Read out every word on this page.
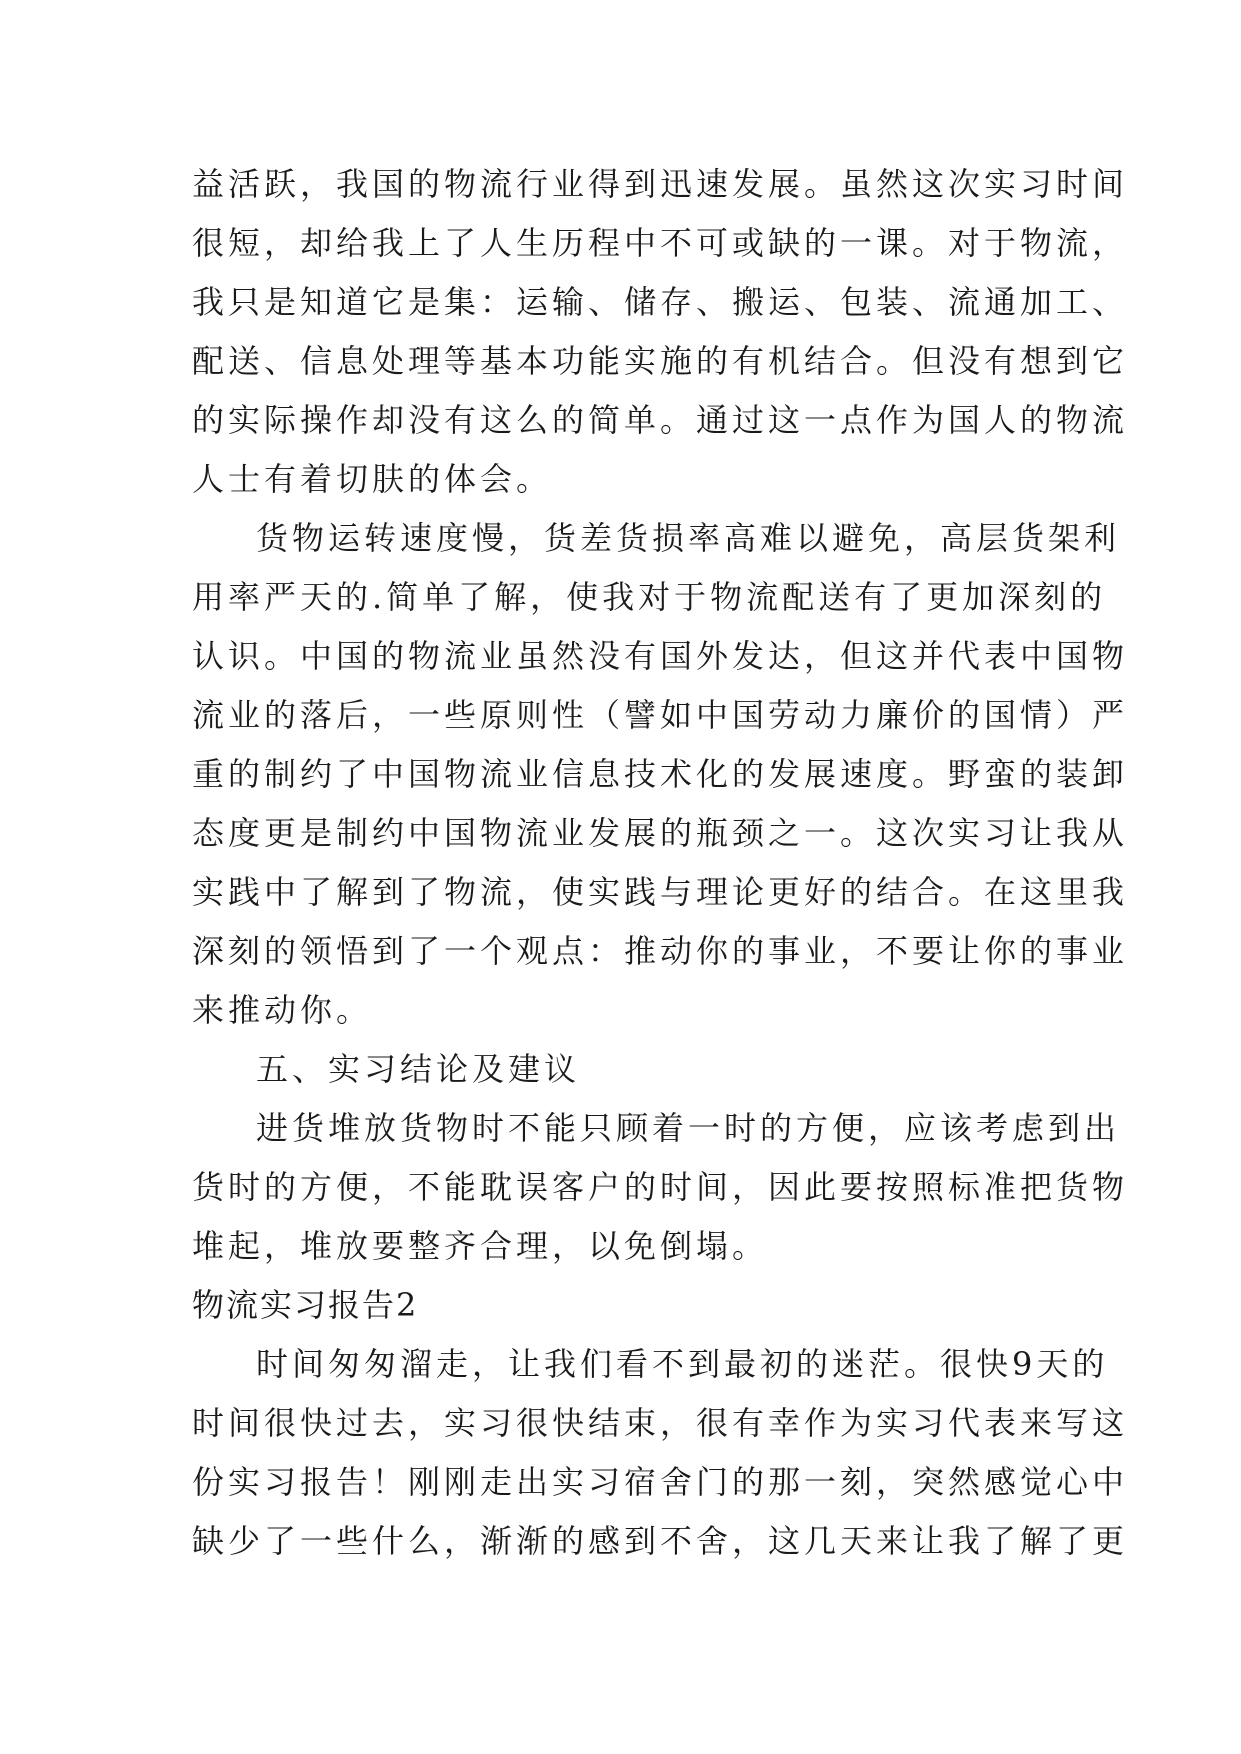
益活跃，我国的物流行业得到迅速发展。虽然这次实习时间
很短，却给我上了人生历程中不可或缺的一课。对于物流，
我只是知道它是集：运输、储存、搬运、包装、流通加工、
配送、信息处理等基本功能实施的有机结合。但没有想到它
的实际操作却没有这么的简单。通过这一点作为国人的物流
人士有着切肤的体会。
货物运转速度慢，货差货损率高难以避免，高层货架利
用率严天的.简单了解，使我对于物流配送有了更加深刻的
认识。中国的物流业虽然没有国外发达，但这并代表中国物
流业的落后，一些原则性（譬如中国劳动力廉价的国情）严
重的制约了中国物流业信息技术化的发展速度。野蛮的装卸
态度更是制约中国物流业发展的瓶颈之一。这次实习让我从
实践中了解到了物流，使实践与理论更好的结合。在这里我
深刻的领悟到了一个观点：推动你的事业，不要让你的事业
来推动你。
五、实习结论及建议
进货堆放货物时不能只顾着一时的方便，应该考虑到出
货时的方便，不能耽误客户的时间，因此要按照标准把货物
堆起，堆放要整齐合理，以免倒塌。
物流实习报告2
时间匆匆溜走，让我们看不到最初的迷茫。很快9天的
时间很快过去，实习很快结束，很有幸作为实习代表来写这
份实习报告！刚刚走出实习宿舍门的那一刻，突然感觉心中
缺少了一些什么，渐渐的感到不舍，这几天来让我了解了更
